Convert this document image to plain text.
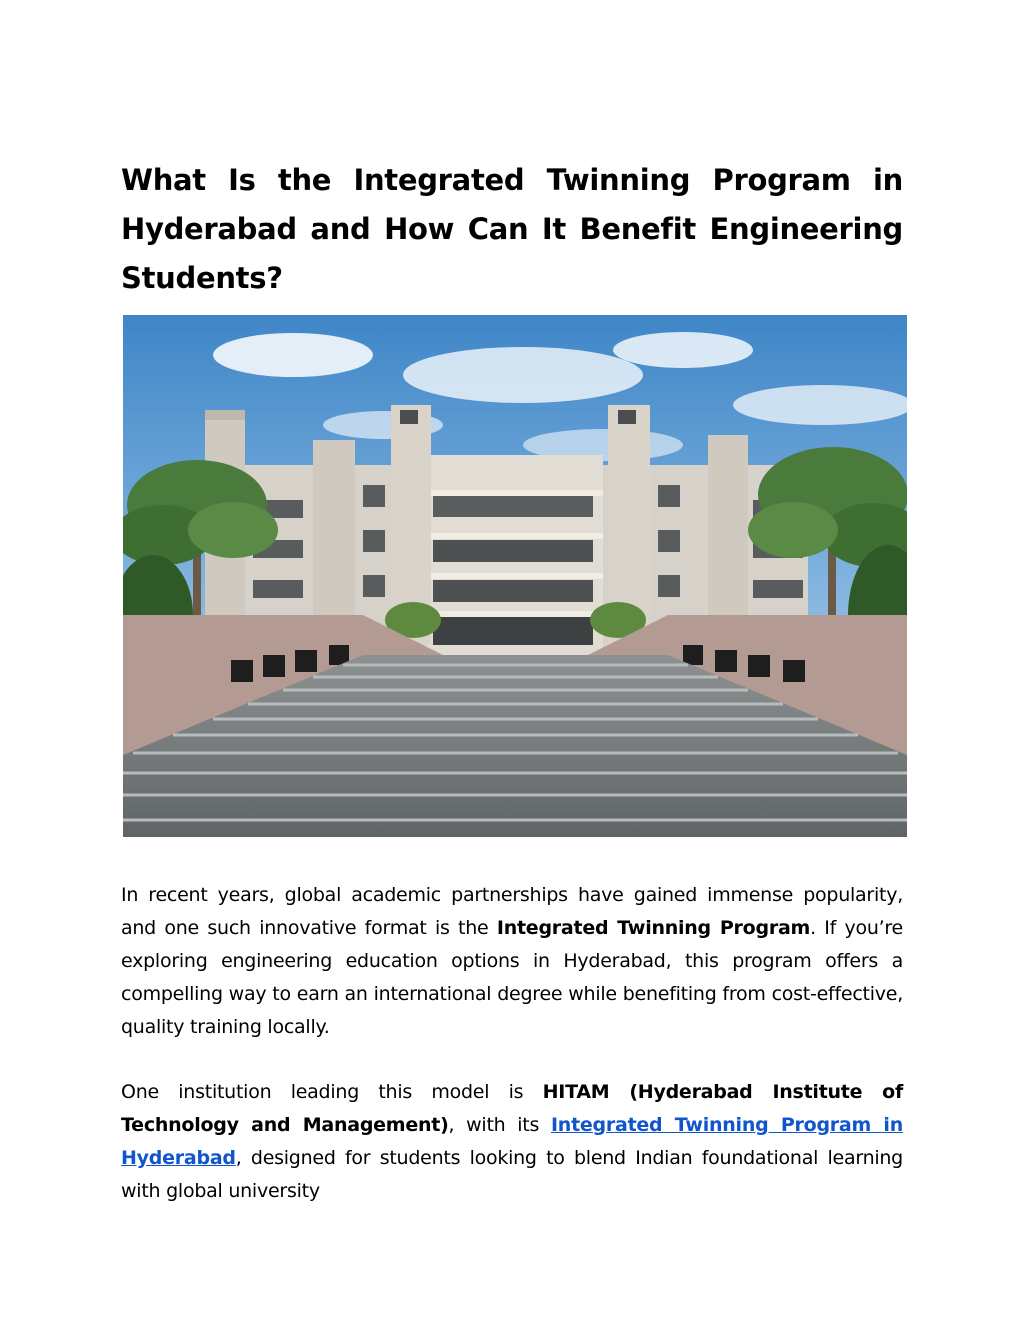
What Is the Integrated Twinning Program in Hyderabad and How Can It Benefit Engineering Students?

In recent years, global academic partnerships have gained immense popularity, and one such innovative format is the Integrated Twinning Program. If you’re exploring engineering education options in Hyderabad, this program offers a compelling way to earn an international degree while benefiting from cost-effective, quality training locally.

One institution leading this model is HITAM (Hyderabad Institute of Technology and Management), with its Integrated Twinning Program in Hyderabad, designed for students looking to blend Indian foundational learning with global university
